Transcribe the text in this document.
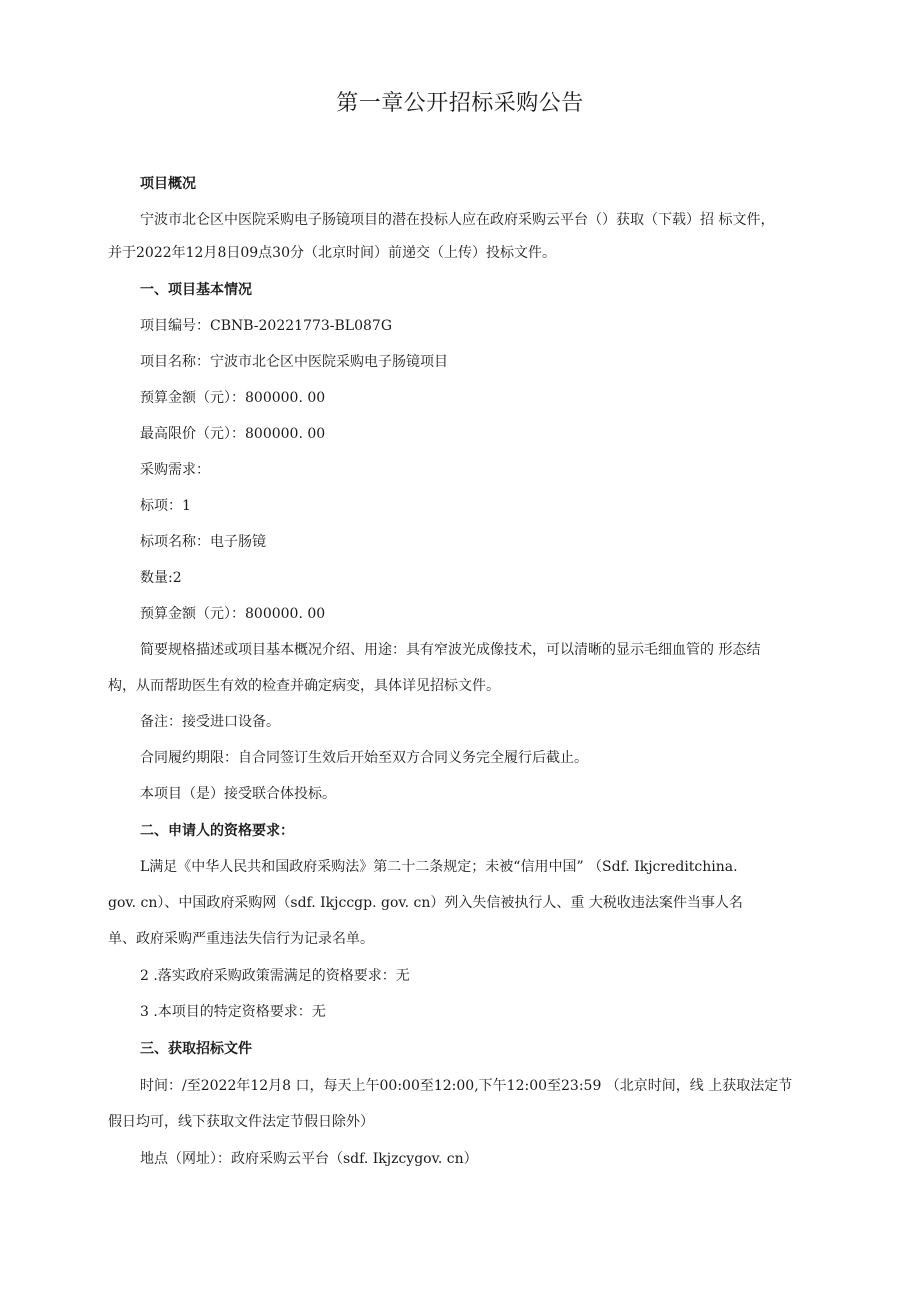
第一章公开招标采购公告
项目概况
宁波市北仑区中医院采购电子肠镜项目的潜在投标人应在政府采购云平台（）获取（下载）招 标文件，
并于2022年12月8日09点30分（北京时间）前递交（上传）投标文件。
一、项目基本情况
项目编号：CBNB-20221773-BL087G
项目名称：宁波市北仑区中医院采购电子肠镜项目
预算金额（元）：800000. 00
最高限价（元）：800000. 00
采购需求：
标项：1
标项名称：电子肠镜
数量:2
预算金额（元）：800000. 00
简要规格描述或项目基本概况介绍、用途：具有窄波光成像技术，可以清晰的显示毛细血管的 形态结
构，从而帮助医生有效的检查并确定病变，具体详见招标文件。
备注：接受进口设备。
合同履约期限：自合同签订生效后开始至双方合同义务完全履行后截止。
本项目（是）接受联合体投标。
二、申请人的资格要求：
L满足《中华人民共和国政府采购法》第二十二条规定；未被“信用中国” （Sdf. Ikjcreditchina.
gov. cn）、中国政府采购网（sdf. Ikjccgp. gov. cn）列入失信被执行人、重 大税收违法案件当事人名
单、政府采购严重违法失信行为记录名单。
2 .落实政府采购政策需满足的资格要求：无
3 .本项目的特定资格要求：无
三、获取招标文件
时间：/至2022年12月8 口，每天上午00:00至12:00,下午12:00至23:59 （北京时间，线 上获取法定节
假日均可，线下获取文件法定节假日除外）
地点（网址）：政府采购云平台（sdf. Ikjzcygov. cn）
